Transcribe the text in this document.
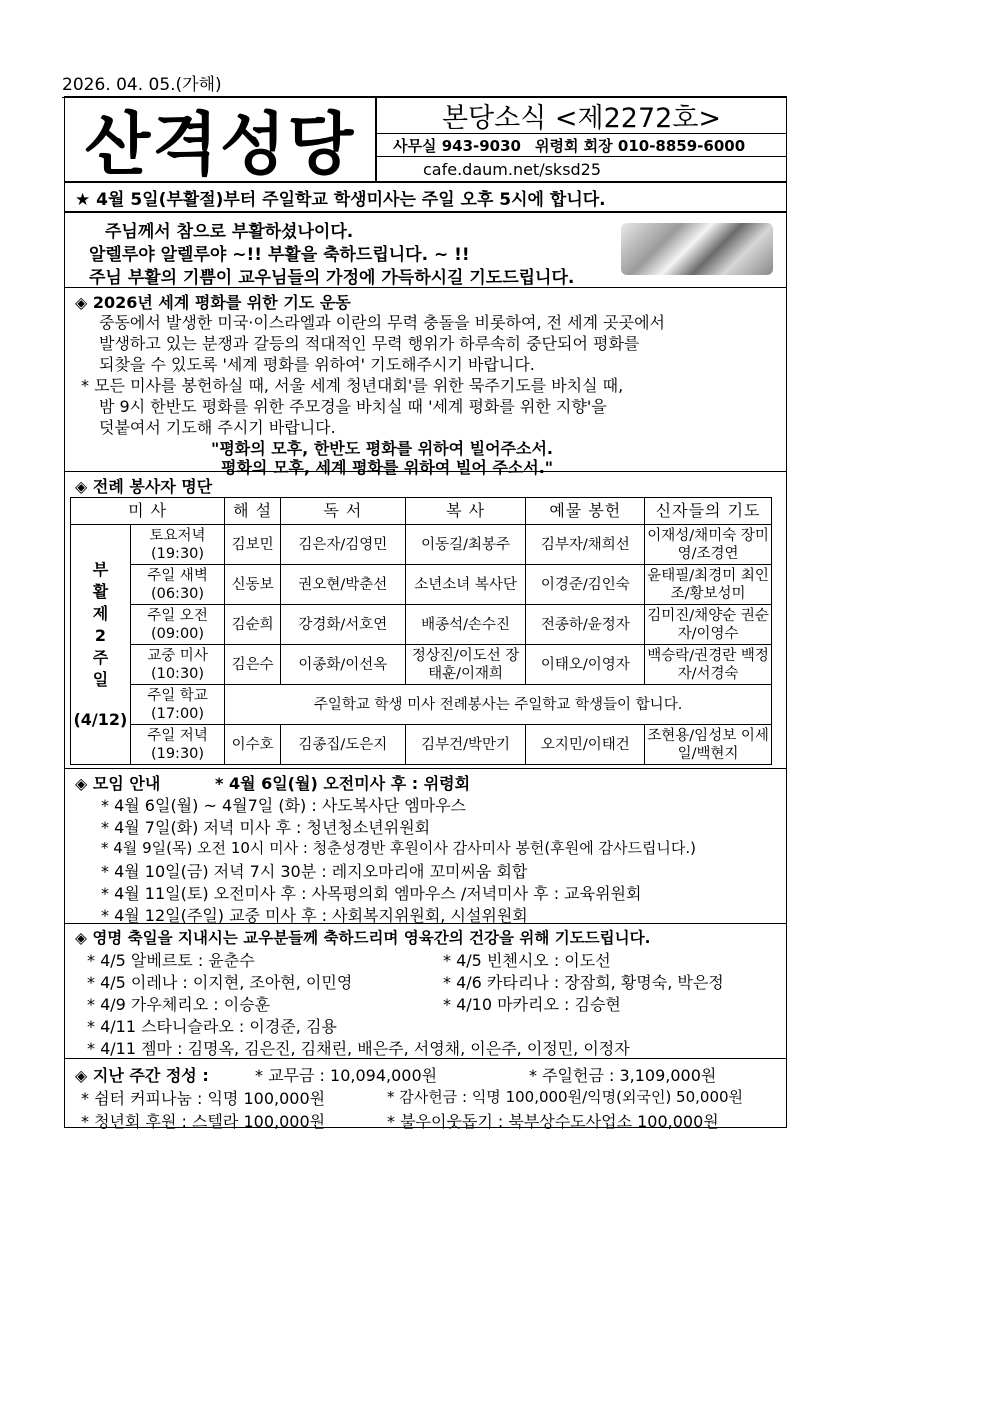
2026. 04. 05.(가해)
산격성당	본당소식 <제2272호>
사무실 943-9030 위령회 회장 010-8859-6000
cafe.daum.net/sksd25
★ 4월 5일(부활절)부터 주일학교 학생미사는 주일 오후 5시에 합니다.
주님께서 참으로 부활하셨나이다.
알렐루야 알렐루야 ~!! 부활을 축하드립니다. ~ !!
주님 부활의 기쁨이 교우님들의 가정에 가득하시길 기도드립니다.

◈ 2026년 세계 평화를 위한 기도 운동

중동에서 발생한 미국·이스라엘과 이란의 무력 충돌을 비롯하여, 전 세계 곳곳에서

발생하고 있는 분쟁과 갈등의 적대적인 무력 행위가 하루속히 중단되어 평화를

되찾을 수 있도록 '세계 평화를 위하여' 기도해주시기 바랍니다.

* 모든 미사를 봉헌하실 때, 서울 세계 청년대회'를 위한 묵주기도를 바치실 때,

밤 9시 한반도 평화를 위한 주모경을 바치실 때 '세계 평화를 위한 지향'을

덧붙여서 기도해 주시기 바랍니다.

"평화의 모후, 한반도 평화를 위하여 빌어주소서.

평화의 모후, 세계 평화를 위하여 빌어 주소서."

◈ 전례 봉사자 명단
미 사		해 설	독 서	복 사	예물 봉헌	신자들의 기도

부활 제2주일
(4/12)	토요저녁 (19:30)	김보민	김은자/김영민	이동길/최봉주	김부자/채희선	이재성/채미숙 장미영/조경연
	주일 새벽 (06:30)	신동보	권오현/박춘선	소년소녀 복사단	이경준/김인숙	윤태필/최경미 최인조/황보성미
	주일 오전 (09:00)	김순희	강경화/서호연	배종석/손수진	전종하/윤정자	김미진/채양순 권순자/이영수
	교중 미사 (10:30)	김은수	이종화/이선옥	정상진/이도선 장태훈/이재희	이태오/이영자	백승락/권경란 백정자/서경숙
	주일 학교 (17:00)	주일학교 학생 미사 전례봉사는 주일학교 학생들이 합니다.				
	주일 저녁 (19:30)	이수호	김종집/도은지	김부건/박만기	오지민/이태건	조현용/임성보 이세일/백현지
◈ 모임 안내	* 4월 6일(월) 오전미사 후 : 위령회
* 4월 6일(월) ~ 4월7일 (화) : 사도복사단 엠마우스
* 4월 7일(화) 저녁 미사 후 : 청년청소년위원회
* 4월 9일(목) 오전 10시 미사 : 청춘성경반 후원이사 감사미사 봉헌(후원에 감사드립니다.)
* 4월 10일(금) 저녁 7시 30분 : 레지오마리애 꼬미씨움 회합
* 4월 11일(토) 오전미사 후 : 사목평의회 엠마우스 /저녁미사 후 : 교육위원회
* 4월 12일(주일) 교중 미사 후 : 사회복지위원회, 시설위원회
◈ 영명 축일을 지내시는 교우분들께 축하드리며 영육간의 건강을 위해 기도드립니다.
* 4/5 알베르토 : 윤춘수	* 4/5 빈첸시오 : 이도선
* 4/5 이레나 : 이지현, 조아현, 이민영	* 4/6 카타리나 : 장잠희, 황명숙, 박은정
* 4/9 가우체리오 : 이승훈	* 4/10 마카리오 : 김승현
* 4/11 스타니슬라오 : 이경준, 김용
* 4/11 젬마 : 김명옥, 김은진, 김채린, 배은주, 서영채, 이은주, 이정민, 이정자
◈ 지난 주간 정성 :	* 교무금 : 10,094,000원	* 주일헌금 : 3,109,000원
* 쉼터 커피나눔 : 익명 100,000원	* 감사헌금 : 익명 100,000원/익명(외국인) 50,000원
* 청년회 후원 : 스텔라 100,000원	* 불우이웃돕기 : 북부상수도사업소 100,000원
